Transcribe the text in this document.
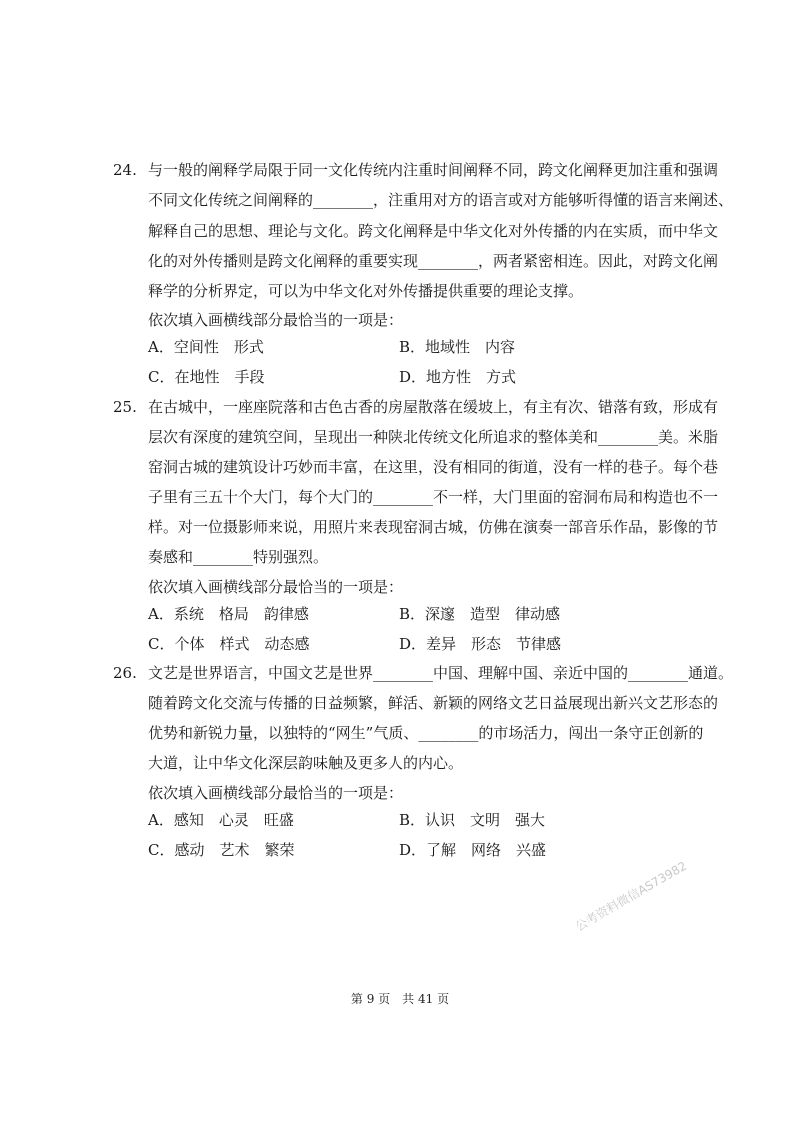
24. 与一般的阐释学局限于同一文化传统内注重时间阐释不同，跨文化阐释更加注重和强调
不同文化传统之间阐释的________，注重用对方的语言或对方能够听得懂的语言来阐述、
解释自己的思想、理论与文化。跨文化阐释是中华文化对外传播的内在实质，而中华文
化的对外传播则是跨文化阐释的重要实现________，两者紧密相连。因此，对跨文化阐
释学的分析界定，可以为中华文化对外传播提供重要的理论支撑。
依次填入画横线部分最恰当的一项是：
A．空间性　形式	B．地域性　内容
C．在地性　手段	D．地方性　方式
25. 在古城中，一座座院落和古色古香的房屋散落在缓坡上，有主有次、错落有致，形成有
层次有深度的建筑空间，呈现出一种陕北传统文化所追求的整体美和________美。米脂
窑洞古城的建筑设计巧妙而丰富，在这里，没有相同的街道，没有一样的巷子。每个巷
子里有三五十个大门，每个大门的________不一样，大门里面的窑洞布局和构造也不一
样。对一位摄影师来说，用照片来表现窑洞古城，仿佛在演奏一部音乐作品，影像的节
奏感和________特别强烈。
依次填入画横线部分最恰当的一项是：
A．系统　格局　韵律感	B．深邃　造型　律动感
C．个体　样式　动态感	D．差异　形态　节律感
26. 文艺是世界语言，中国文艺是世界________中国、理解中国、亲近中国的________通道。
随着跨文化交流与传播的日益频繁，鲜活、新颖的网络文艺日益展现出新兴文艺形态的
优势和新锐力量，以独特的“网生”气质、________的市场活力，闯出一条守正创新的
大道，让中华文化深层韵味触及更多人的内心。
依次填入画横线部分最恰当的一项是：
A．感知　心灵　旺盛	B．认识　文明　强大
C．感动　艺术　繁荣	D．了解　网络　兴盛
公考资料微信AS73982
第 9 页　共 41 页
